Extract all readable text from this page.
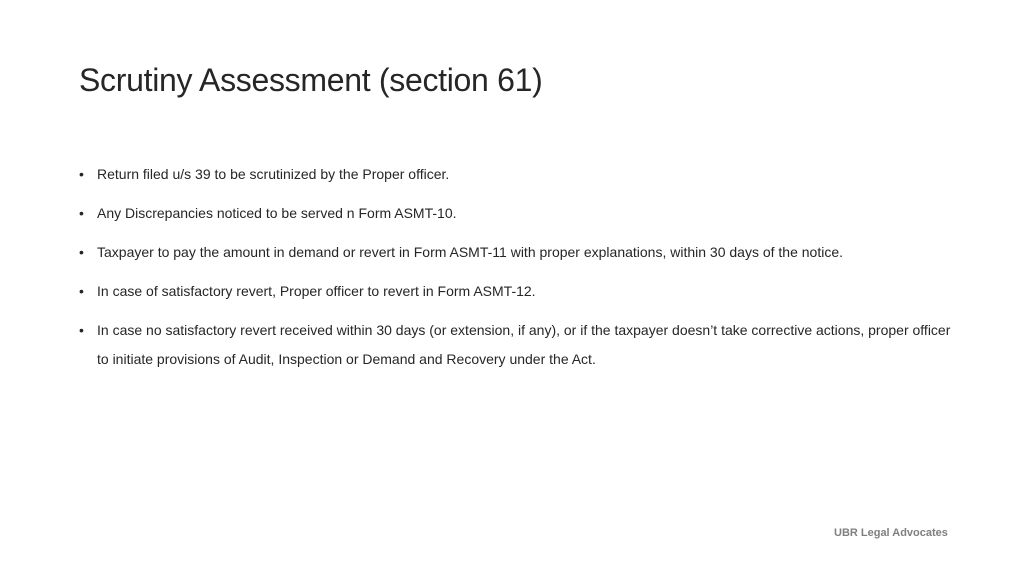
Scrutiny Assessment (section 61)
• Return filed u/s 39 to be scrutinized by the Proper officer.
• Any Discrepancies noticed to be served n Form ASMT-10.
• Taxpayer to pay the amount in demand or revert in Form ASMT-11 with proper explanations, within 30 days of the notice.
• In case of satisfactory revert, Proper officer to revert in Form ASMT-12.
• In case no satisfactory revert received within 30 days (or extension, if any), or if the taxpayer doesn’t take corrective actions, proper officer to initiate provisions of Audit, Inspection or Demand and Recovery under the Act.
UBR Legal Advocates
